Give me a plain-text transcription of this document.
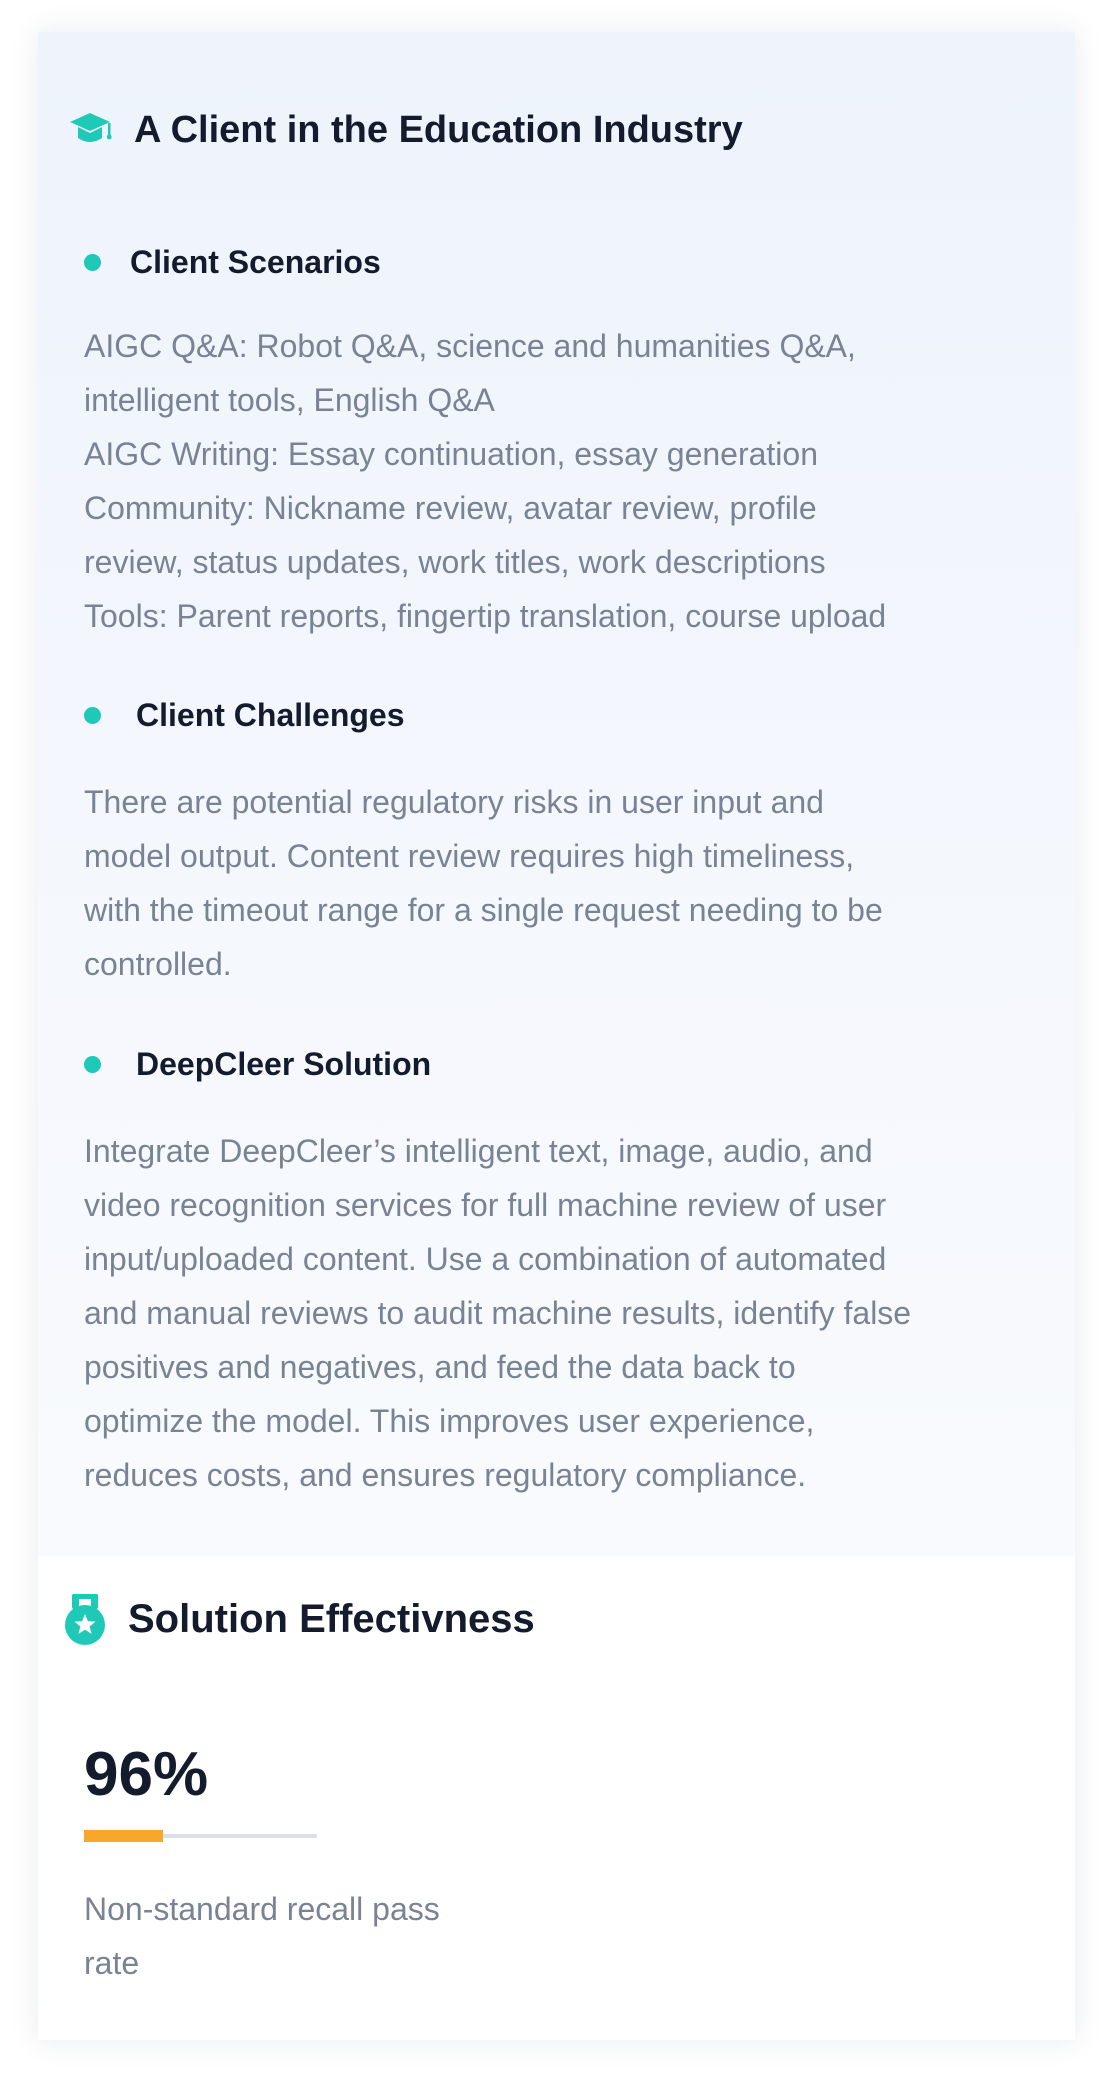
A Client in the Education Industry
Client Scenarios

AIGC Q&A: Robot Q&A, science and humanities Q&A,
intelligent tools, English Q&A
AIGC Writing: Essay continuation, essay generation
Community: Nickname review, avatar review, profile
review, status updates, work titles, work descriptions
Tools: Parent reports, fingertip translation, course upload

Client Challenges

There are potential regulatory risks in user input and
model output. Content review requires high timeliness,
with the timeout range for a single request needing to be
controlled.

DeepCleer Solution

Integrate DeepCleer’s intelligent text, image, audio, and
video recognition services for full machine review of user
input/uploaded content. Use a combination of automated
and manual reviews to audit machine results, identify false
positives and negatives, and feed the data back to
optimize the model. This improves user experience,
reduces costs, and ensures regulatory compliance.

Solution Effectivness

96%

Non-standard recall pass
rate
